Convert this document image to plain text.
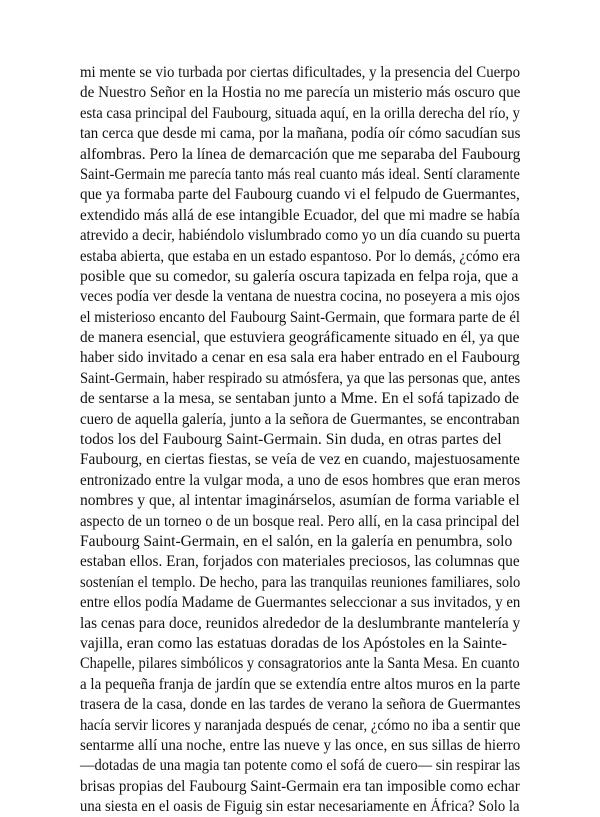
mi mente se vio turbada por ciertas dificultades, y la presencia del Cuerpo
de Nuestro Señor en la Hostia no me parecía un misterio más oscuro que
esta casa principal del Faubourg, situada aquí, en la orilla derecha del río, y
tan cerca que desde mi cama, por la mañana, podía oír cómo sacudían sus
alfombras. Pero la línea de demarcación que me separaba del Faubourg
Saint-Germain me parecía tanto más real cuanto más ideal. Sentí claramente
que ya formaba parte del Faubourg cuando vi el felpudo de Guermantes,
extendido más allá de ese intangible Ecuador, del que mi madre se había
atrevido a decir, habiéndolo vislumbrado como yo un día cuando su puerta
estaba abierta, que estaba en un estado espantoso. Por lo demás, ¿cómo era
posible que su comedor, su galería oscura tapizada en felpa roja, que a
veces podía ver desde la ventana de nuestra cocina, no poseyera a mis ojos
el misterioso encanto del Faubourg Saint-Germain, que formara parte de él
de manera esencial, que estuviera geográficamente situado en él, ya que
haber sido invitado a cenar en esa sala era haber entrado en el Faubourg
Saint-Germain, haber respirado su atmósfera, ya que las personas que, antes
de sentarse a la mesa, se sentaban junto a Mme. En el sofá tapizado de
cuero de aquella galería, junto a la señora de Guermantes, se encontraban
todos los del Faubourg Saint-Germain. Sin duda, en otras partes del
Faubourg, en ciertas fiestas, se veía de vez en cuando, majestuosamente
entronizado entre la vulgar moda, a uno de esos hombres que eran meros
nombres y que, al intentar imaginárselos, asumían de forma variable el
aspecto de un torneo o de un bosque real. Pero allí, en la casa principal del
Faubourg Saint-Germain, en el salón, en la galería en penumbra, solo
estaban ellos. Eran, forjados con materiales preciosos, las columnas que
sostenían el templo. De hecho, para las tranquilas reuniones familiares, solo
entre ellos podía Madame de Guermantes seleccionar a sus invitados, y en
las cenas para doce, reunidos alrededor de la deslumbrante mantelería y
vajilla, eran como las estatuas doradas de los Apóstoles en la Sainte-
Chapelle, pilares simbólicos y consagratorios ante la Santa Mesa. En cuanto
a la pequeña franja de jardín que se extendía entre altos muros en la parte
trasera de la casa, donde en las tardes de verano la señora de Guermantes
hacía servir licores y naranjada después de cenar, ¿cómo no iba a sentir que
sentarme allí una noche, entre las nueve y las once, en sus sillas de hierro
—dotadas de una magia tan potente como el sofá de cuero— sin respirar las
brisas propias del Faubourg Saint-Germain era tan imposible como echar
una siesta en el oasis de Figuig sin estar necesariamente en África? Solo la
